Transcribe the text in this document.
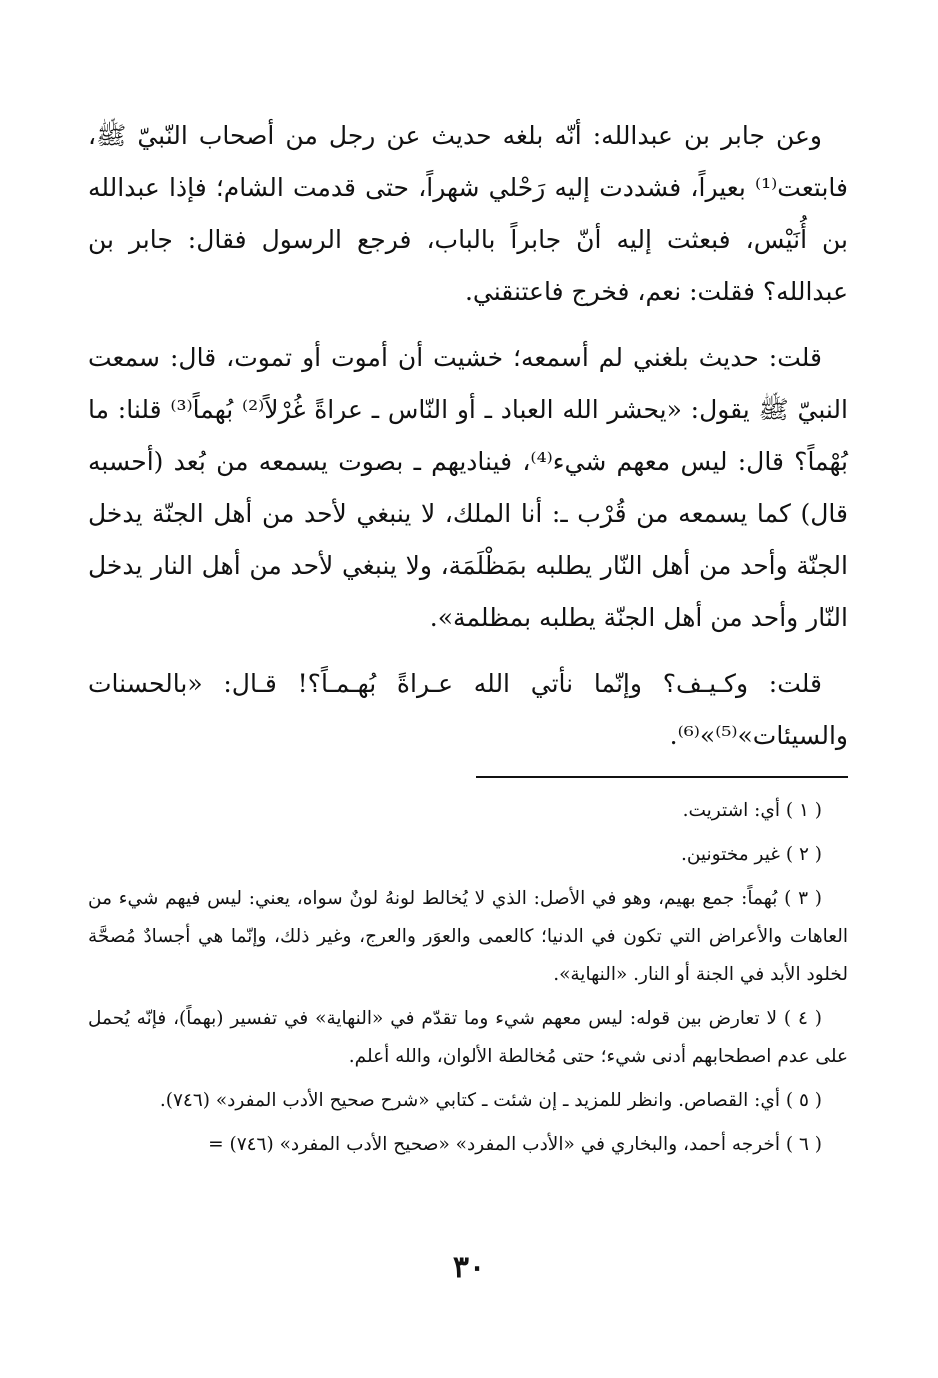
وعن جابر بن عبدالله: أنّه بلغه حديث عن رجل من أصحاب النّبيّ ﷺ، فابتعت⁽¹⁾ بعيراً، فشددت إليه رَحْلي شهراً، حتى قدمت الشام؛ فإذا عبدالله بن أُنَيْس، فبعثت إليه أنّ جابراً بالباب، فرجع الرسول فقال: جابر بن عبدالله؟ فقلت: نعم، فخرج فاعتنقني.

قلت: حديث بلغني لم أسمعه؛ خشيت أن أموت أو تموت، قال: سمعت النبيّ ﷺ يقول: «يحشر الله العباد ـ أو النّاس ـ عراةً غُرْلاً⁽²⁾ بُهماً⁽³⁾ قلنا: ما بُهْماً؟ قال: ليس معهم شيء⁽⁴⁾، فيناديهم ـ بصوت يسمعه من بُعد (أحسبه قال) كما يسمعه من قُرْب ـ: أنا الملك، لا ينبغي لأحد من أهل الجنّة يدخل الجنّة وأحد من أهل النّار يطلبه بمَظْلَمَة، ولا ينبغي لأحد من أهل النار يدخل النّار وأحد من أهل الجنّة يطلبه بمظلمة».

قلت: وكـيـف؟ وإنّما نأتي الله عـراةً بُهـمـاً؟! قـال: «بالحسنات والسيئات»⁽⁵⁾»⁽⁶⁾.

( ١ ) أي: اشتريت.

( ٢ ) غير مختونين.

( ٣ ) بُهماً: جمع بهيم، وهو في الأصل: الذي لا يُخالط لونهُ لونٌ سواه، يعني: ليس فيهم شيء من العاهات والأعراض التي تكون في الدنيا؛ كالعمى والعوَر والعرج، وغير ذلك، وإنّما هي أجسادٌ مُصحَّة لخلود الأبد في الجنة أو النار. «النهاية».

( ٤ ) لا تعارض بين قوله: ليس معهم شيء وما تقدّم في «النهاية» في تفسير (بهماً)، فإنّه يُحمل على عدم اصطحابهم أدنى شيء؛ حتى مُخالطة الألوان، والله أعلم.

( ٥ ) أي: القصاص. وانظر للمزيد ـ إن شئت ـ كتابي «شرح صحيح الأدب المفرد» (٧٤٦).

( ٦ ) أخرجه أحمد، والبخاري في «الأدب المفرد» «صحيح الأدب المفرد» (٧٤٦) =

٣٠
